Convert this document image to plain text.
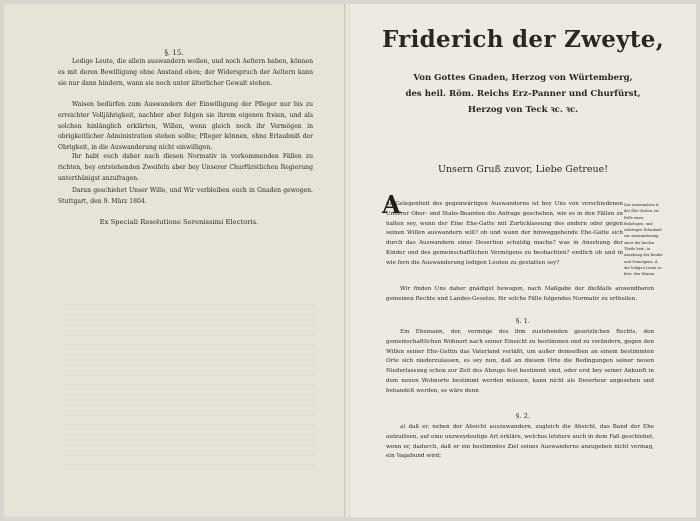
§. 15.

Ledige Leute, die allein auswandern wollen, und noch Aeltern haben, können es mit deren Bewilligung ohne Anstand eben; der Widerspruch der Aeltern kann sie nur dann hindern, wann sie noch unter älterlicher Gewalt stehen.

Waisen bedürfen zum Auswandern der Einwilligung der Pfleger nur bis zu erreichter Volljährigkeit, nachher aber folgen sie ihrem eigenen freien, und als solchen hinlänglich erklärten, Willen, wenn gleich noch ihr Vermögen in obrigkeitlicher Administration stehen sollte; Pfleger können, ohne Erlaubniß der Obrigkeit, in die Auswanderung nicht einwilligen.

Ihr habt euch daher nach diesen Normativ in vorkommenden Fällen zu richten, bey entstehenden Zweifeln aber bey Unserer Churfürstlichen Regierung unterthänigst anzufragen.

Daran geschiehet Unser Wille, und Wir verbleiben euch in Gnaden gewogen. Stuttgart, den 9. März 1804.

Ex Speciali Resolutione Serenissimi Electoris.

Friderich der Zweyte,

Von Gottes Gnaden, Herzog von Würtemberg,
des heil. Röm. Reichs Erz-Panner und Churfürst,
Herzog von Teck ꝛc. ꝛc.

Unsern Gruß zuvor, Liebe Getreue!

A

us Gelegenheit des gegenwärtigen Auswanderns ist bey Uns von verschiedenen Unserer Ober- und Stabs-Beamten die Anfrage geschehen, wie es in den Fällen zu halten sey, wenn der Eine Ehe-Gatte mit Zurücklassung des andern oder gegen seinen Willen auswandern will? ob und wann der hinweggehende Ehe-Gatte sich durch das Auswandern einer Desertion schuldig mache? was in Ansehung der Kinder und des gemeinschaftlichen Vermögens zu beobachten? endlich ob und in wie fern die Auswanderung ledigen Leuten zu gestatten sey?

Das Auswandern d. der Ehe-Gatten, im Falle eines Beliebigen, und sofortigen Erlaubniß zur Auswanderung einer der beiden Theile betr., in Ansehung der Kinder und Vermögens, d. der ledigen Leute zu betr. den Waisen.

Wir finden Uns daher gnädigst bewogen, nach Maßgabe der dießfalls anwendbaren gemeinen Rechte und Landes-Gesetze, für solche Fälle folgendes Normativ zu ertheilen.

§. 1.

Ein Ehemann, der, vermöge des ihm zustehenden gesetzlichen Rechts, den gemeinschaftlichen Wohnort nach seiner Einsicht zu bestimmen und zu verändern, gegen den Willen seiner Ehe-Gattin das Vaterland verläßt, um außer demselben an einem bestimmten Orte sich niederzulassen, es sey nun, daß an diesem Orte die Bedingungen seiner neuen Niederlassung schon zur Zeit des Abzugs fest bestimmt sind, oder erst bey seiner Ankunft in dem neuen Wohnorte bestimmt werden müssen, kann nicht als Deserteur angesehen und behandelt werden, es wäre denn

§. 2.

a) daß er, neben der Absicht auszuwandern, zugleich die Absicht, das Band der Ehe aufzulösen, auf eine unzweydeutige Art erkläre, welches letztere auch in dem Fall geschiehet, wenn er, dadurch, daß er ein bestimmtes Ziel seines Auswanderns anzugeben nicht vermag, ein Vagabund wird;
